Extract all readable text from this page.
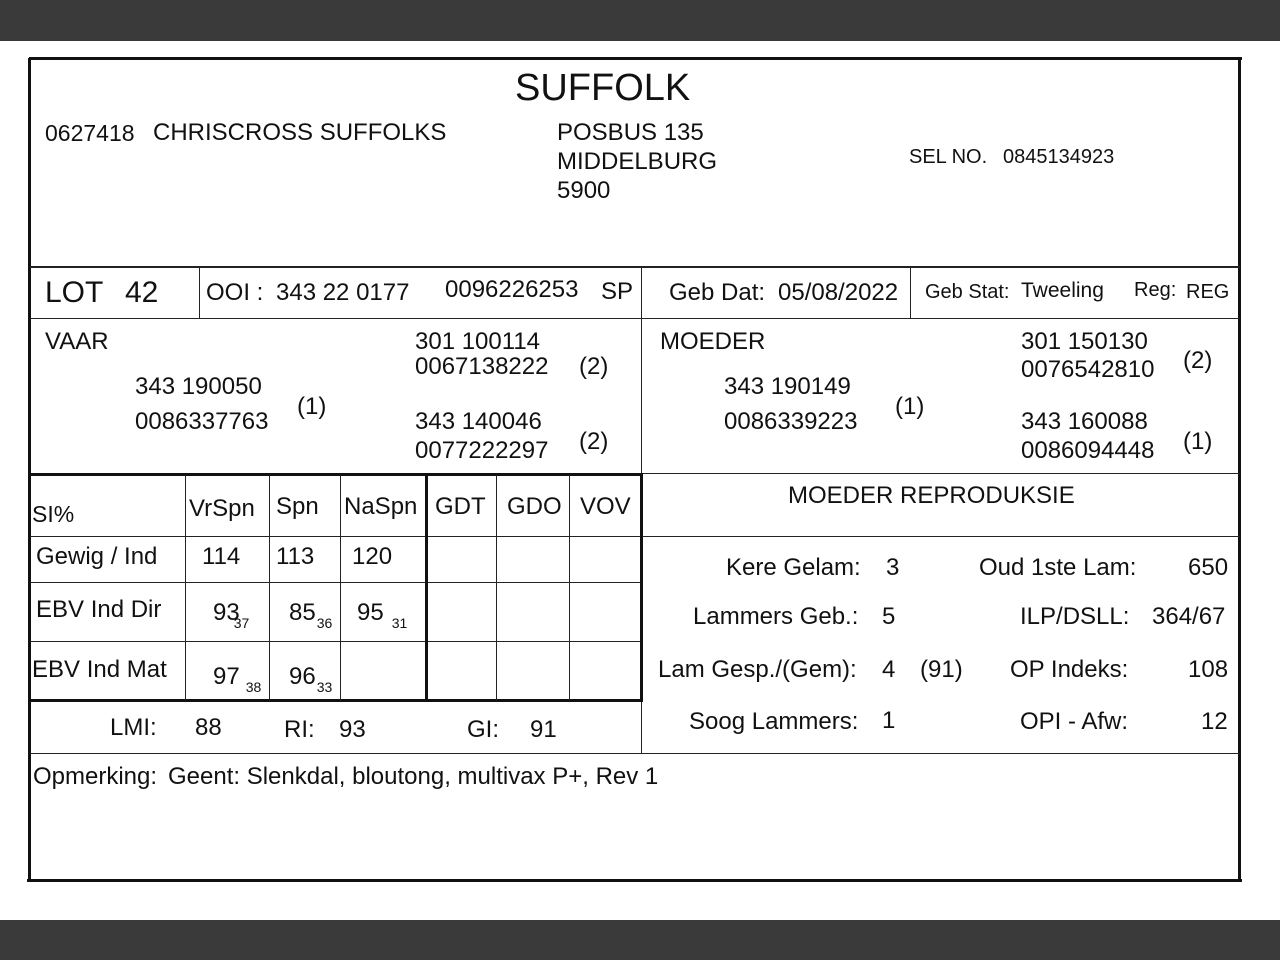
SUFFOLK
0627418 CHRISCROSS SUFFOLKS	POSBUS 135
MIDDELBURG
5900
SEL NO. 0845134923
LOT 42 OOI : 343 22 0177 0096226253 SP Geb Dat: 05/08/2022 Geb Stat: Tweeling Reg: REG
VAAR
343 190050
0086337763
(1)
301 100114
0067138222 (2)
343 140046
0077222297 (2)
MOEDER
343 190149
0086339223
(1)
301 150130
0076542810 (2)
343 160088
0086094448 (1)
SI%	VrSpn Spn NaSpn GDT GDO VOV
Gewig / Ind 114 113 120
EBV Ind Dir $93_{37}$ $85_{36}$ 95 $_{31}$
EBV Ind Mat 97 $_{38}$ $96_{33}$
LMI: 88	RI: 93	GI: 91
MOEDER REPRODUKSIE
Kere Gelam: 3	Oud 1ste Lam: 650
Lammers Geb.: 5	ILP/DSLL: 364/67
Lam Gesp./(Gem): 4 (91) OP Indeks: 108
Soog Lammers: 1	OPI - Afw:	12
Opmerking: Geent: Slenkdal, bloutong, multivax P+, Rev 1
